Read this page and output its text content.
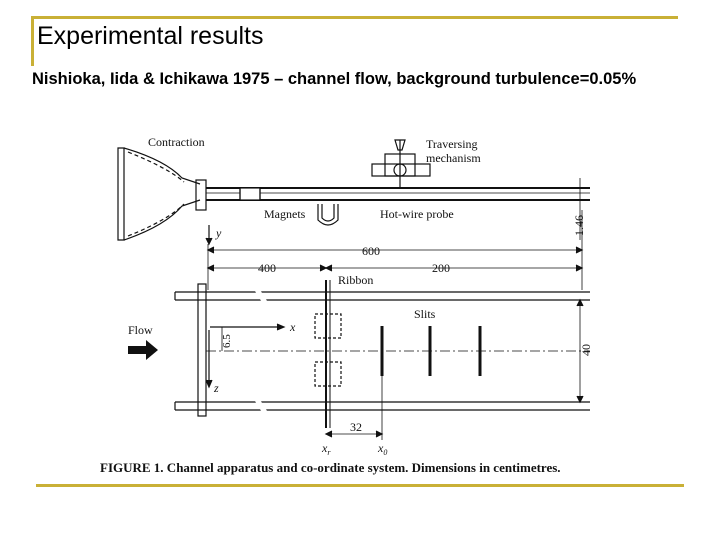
Experimental results
Nishioka, Iida & Ichikawa 1975 – channel flow, background turbulence=0.05%
Contraction	Traversing
mechanism
Magnets	Hot-wire probe
y	1.46
600
400	200
Ribbon
Slits
Flow	x
z
6.5
40
32
$x_r$	$x_0$
FIGURE 1. Channel apparatus and co-ordinate system. Dimensions in centimetres.
